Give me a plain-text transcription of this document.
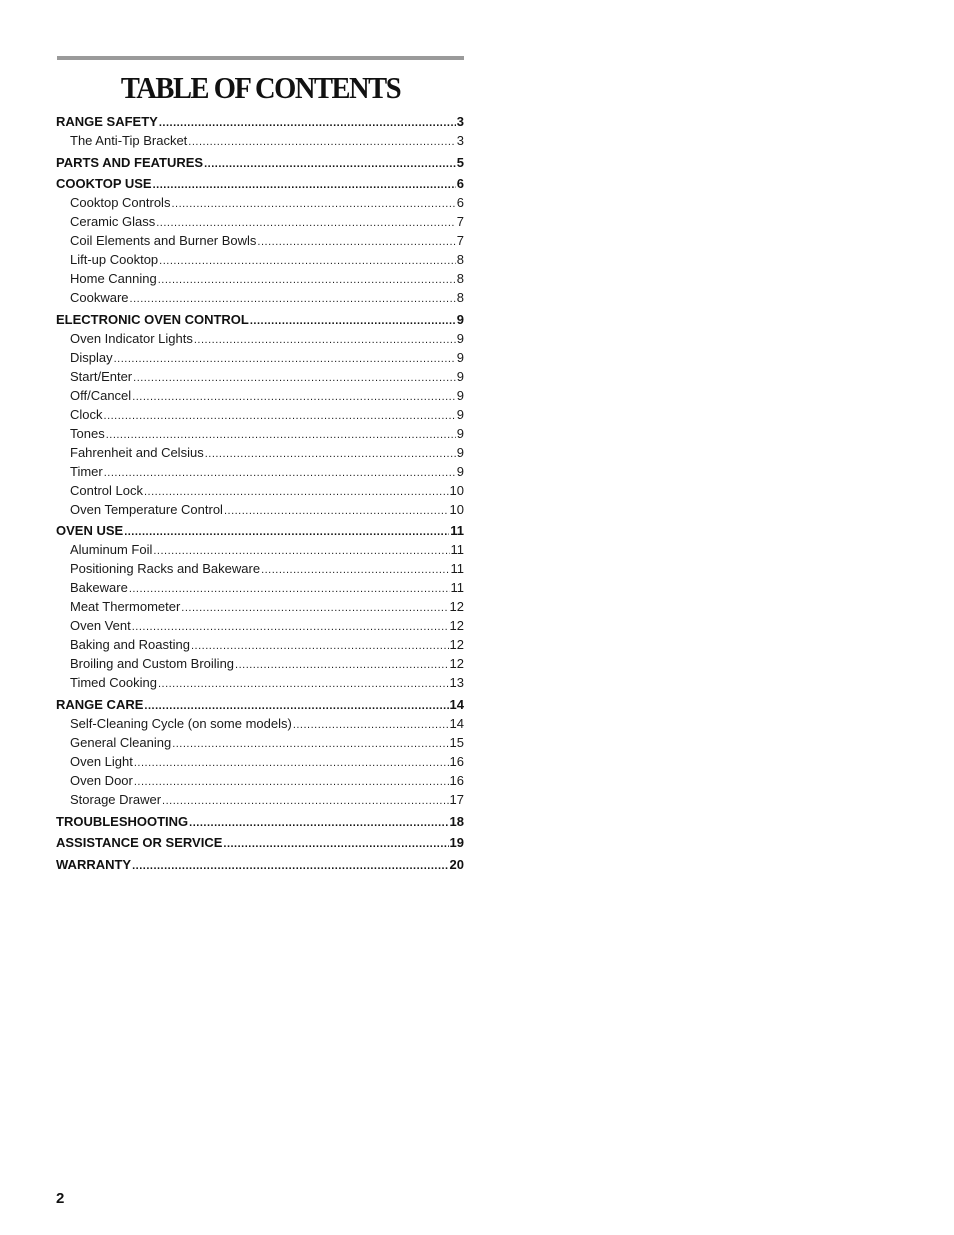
TABLE OF CONTENTS
RANGE SAFETY .....	3
The Anti-Tip Bracket .....	3
PARTS AND FEATURES .....	5
COOKTOP USE .....	6
Cooktop Controls .....	6
Ceramic Glass .....	7
Coil Elements and Burner Bowls .....	7
Lift-up Cooktop .....	8
Home Canning .....	8
Cookware .....	8
ELECTRONIC OVEN CONTROL .....	9
Oven Indicator Lights .....	9
Display .....	9
Start/Enter .....	9
Off/Cancel .....	9
Clock .....	9
Tones .....	9
Fahrenheit and Celsius .....	9
Timer .....	9
Control Lock .....	10
Oven Temperature Control .....	10
OVEN USE .....	11
Aluminum Foil .....	11
Positioning Racks and Bakeware .....	11
Bakeware .....	11
Meat Thermometer .....	12
Oven Vent .....	12
Baking and Roasting .....	12
Broiling and Custom Broiling .....	12
Timed Cooking .....	13
RANGE CARE .....	14
Self-Cleaning Cycle (on some models) .....	14
General Cleaning .....	15
Oven Light .....	16
Oven Door .....	16
Storage Drawer .....	17
TROUBLESHOOTING .....	18
ASSISTANCE OR SERVICE .....	19
WARRANTY .....	20
2
